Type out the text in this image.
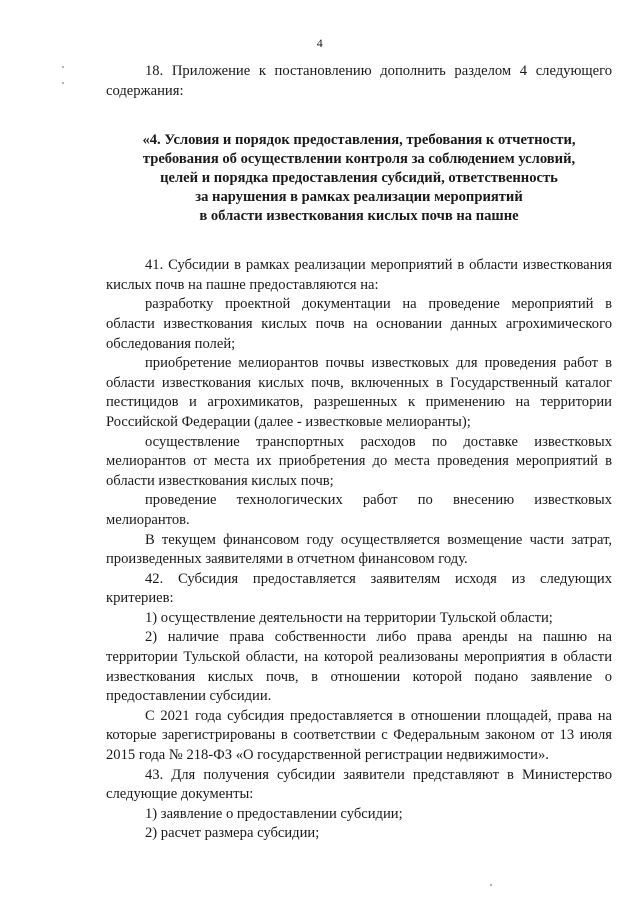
4

18. Приложение к постановлению дополнить разделом 4 следующего содержания:

«4. Условия и порядок предоставления, требования к отчетности,
требования об осуществлении контроля за соблюдением условий,
целей и порядка предоставления субсидий, ответственность
за нарушения в рамках реализации мероприятий
в области известкования кислых почв на пашне

41. Субсидии в рамках реализации мероприятий в области известкования кислых почв на пашне предоставляются на:

разработку проектной документации на проведение мероприятий в области известкования кислых почв на основании данных агрохимического обследования полей;

приобретение мелиорантов почвы известковых для проведения работ в области известкования кислых почв, включенных в Государственный каталог пестицидов и агрохимикатов, разрешенных к применению на территории Российской Федерации (далее - известковые мелиоранты);

осуществление транспортных расходов по доставке известковых мелиорантов от места их приобретения до места проведения мероприятий в области известкования кислых почв;

проведение технологических работ по внесению известковых мелиорантов.

В текущем финансовом году осуществляется возмещение части затрат, произведенных заявителями в отчетном финансовом году.

42. Субсидия предоставляется заявителям исходя из следующих критериев:

1) осуществление деятельности на территории Тульской области;

2) наличие права собственности либо права аренды на пашню на территории Тульской области, на которой реализованы мероприятия в области известкования кислых почв, в отношении которой подано заявление о предоставлении субсидии.

С 2021 года субсидия предоставляется в отношении площадей, права на которые зарегистрированы в соответствии с Федеральным законом от 13 июля 2015 года № 218-ФЗ «О государственной регистрации недвижимости».

43. Для получения субсидии заявители представляют в Министерство следующие документы:

1) заявление о предоставлении субсидии;

2) расчет размера субсидии;
